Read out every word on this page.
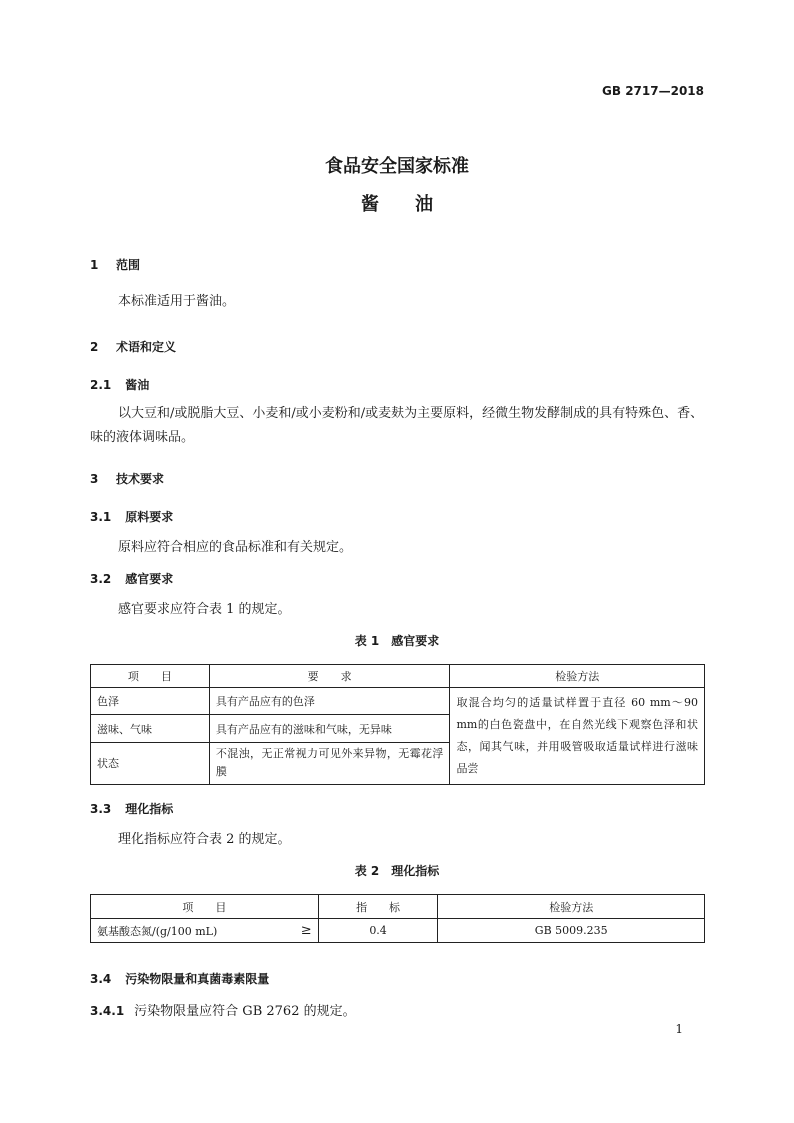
GB 2717—2018
食品安全国家标准
酱　　油
1 范围
本标准适用于酱油。
2 术语和定义
2.1 酱油
以大豆和/或脱脂大豆、小麦和/或小麦粉和/或麦麸为主要原料，经微生物发酵制成的具有特殊色、香、味的液体调味品。
3 技术要求
3.1 原料要求
原料应符合相应的食品标准和有关规定。
3.2 感官要求
感官要求应符合表 1 的规定。
表 1　感官要求
项　　目	要　　求	检验方法
色泽	具有产品应有的色泽	取混合均匀的适量试样置于直径 60 mm～90 mm的白色瓷盘中，在自然光线下观察色泽和状态，闻其气味，并用吸管吸取适量试样进行滋味品尝
滋味、气味	具有产品应有的滋味和气味，无异味	
状态	不混浊，无正常视力可见外来异物，无霉花浮膜	
3.3 理化指标
理化指标应符合表 2 的规定。
表 2　理化指标
项　　目		指　　标	检验方法
氨基酸态氮/(g/100 mL)	≥	0.4	GB 5009.235
3.4 污染物限量和真菌毒素限量
3.4.1 污染物限量应符合 GB 2762 的规定。
1
